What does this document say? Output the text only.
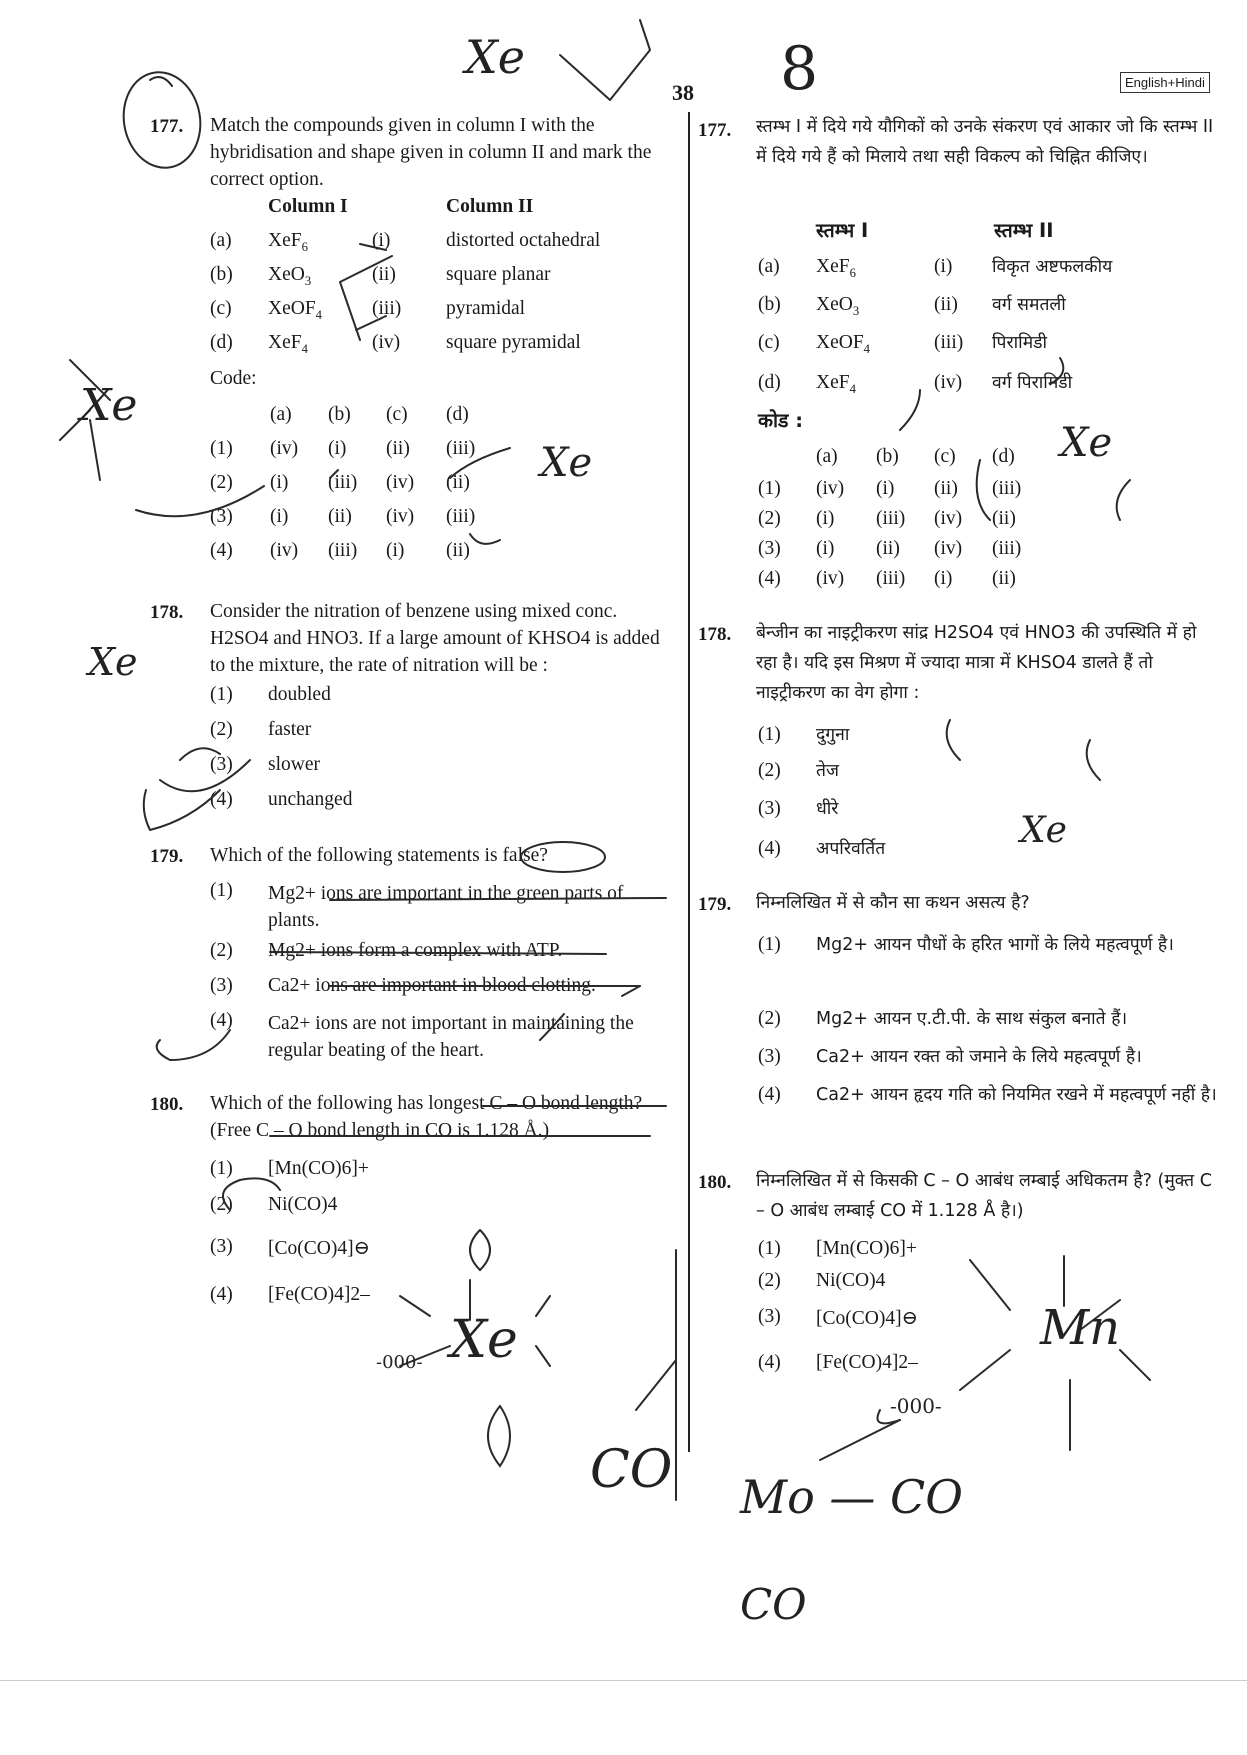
38	English+Hindi
177. Match the compounds given in column I with the hybridisation and shape given in column II and mark the correct option.
Column I	Column II
(a) XeF$_6$	(i)	distorted octahedral
(b) XeO$_3$	(ii)	square planar
(c) XeOF$_4$	(iii) pyramidal
(d) XeF$_4$	(iv) square pyramidal
Code:
(a) (b) (c) (d)
(1) (iv) (i) (ii) (iii)
(2) (i) (iii) (iv) (ii)
(3) (i) (ii) (iv) (iii)
(4) (iv) (iii) (i) (ii)
178. Consider the nitration of benzene using mixed conc. H2SO4 and HNO3. If a large amount of KHSO4 is added to the mixture, the rate of nitration will be :
(1) doubled
(2) faster
(3) slower
(4) unchanged
179. Which of the following statements is false?
(1) Mg2+ ions are important in the green parts of plants.
(2) Mg2+ ions form a complex with ATP.
(3) Ca2+ ions are important in blood clotting.
(4) Ca2+ ions are not important in maintaining the regular beating of the heart.
180. Which of the following has longest C – O bond length? (Free C – O bond length in CO is 1.128 Å.)
(1) [Mn(CO)6]+
(2) Ni(CO)4
(3) [Co(CO)4]⊖
(4) [Fe(CO)4]2–
177. स्तम्भ I में दिये गये यौगिकों को उनके संकरण एवं आकार जो कि स्तम्भ II में दिये गये हैं को मिलाये तथा सही विकल्प को चिह्नित कीजिए।
स्तम्भ I	स्तम्भ II
(a) XeF$_6$	(i) विकृत अष्टफलकीय
(b) XeO$_3$	(ii) वर्ग समतली
(c) XeOF$_4$	(iii) पिरामिडी
(d) XeF$_4$	(iv) वर्ग पिरामिडी
कोड :
(a) (b) (c) (d)
(1) (iv) (i) (ii) (iii)
(2) (i) (iii) (iv) (ii)
(3) (i) (ii) (iv) (iii)
(4) (iv) (iii) (i) (ii)
178. बेन्जीन का नाइट्रीकरण सांद्र H2SO4 एवं HNO3 की उपस्थिति में हो रहा है। यदि इस मिश्रण में ज्यादा मात्रा में KHSO4 डालते हैं तो नाइट्रीकरण का वेग होगा :
(1) दुगुना
(2) तेज
(3) धीरे
(4) अपरिवर्तित
179. निम्नलिखित में से कौन सा कथन असत्य है?
(1) Mg2+ आयन पौधों के हरित भागों के लिये महत्वपूर्ण है।
(2) Mg2+ आयन ए.टी.पी. के साथ संकुल बनाते हैं।
(3) Ca2+ आयन रक्त को जमाने के लिये महत्वपूर्ण है।
(4) Ca2+ आयन हृदय गति को नियमित रखने में महत्वपूर्ण नहीं है।
180. निम्नलिखित में से किसकी C – O आबंध लम्बाई अधिकतम है? (मुक्त C – O आबंध लम्बाई CO में 1.128 Å है।)
(1) [Mn(CO)6]+
(2) Ni(CO)4
(3) [Co(CO)4]⊖
(4) [Fe(CO)4]2–
Xe	8
Xe
Xe
Xe	Xe
Xe
Xe
-000-
Mn
-000-
Mo — CO
CO
CO
